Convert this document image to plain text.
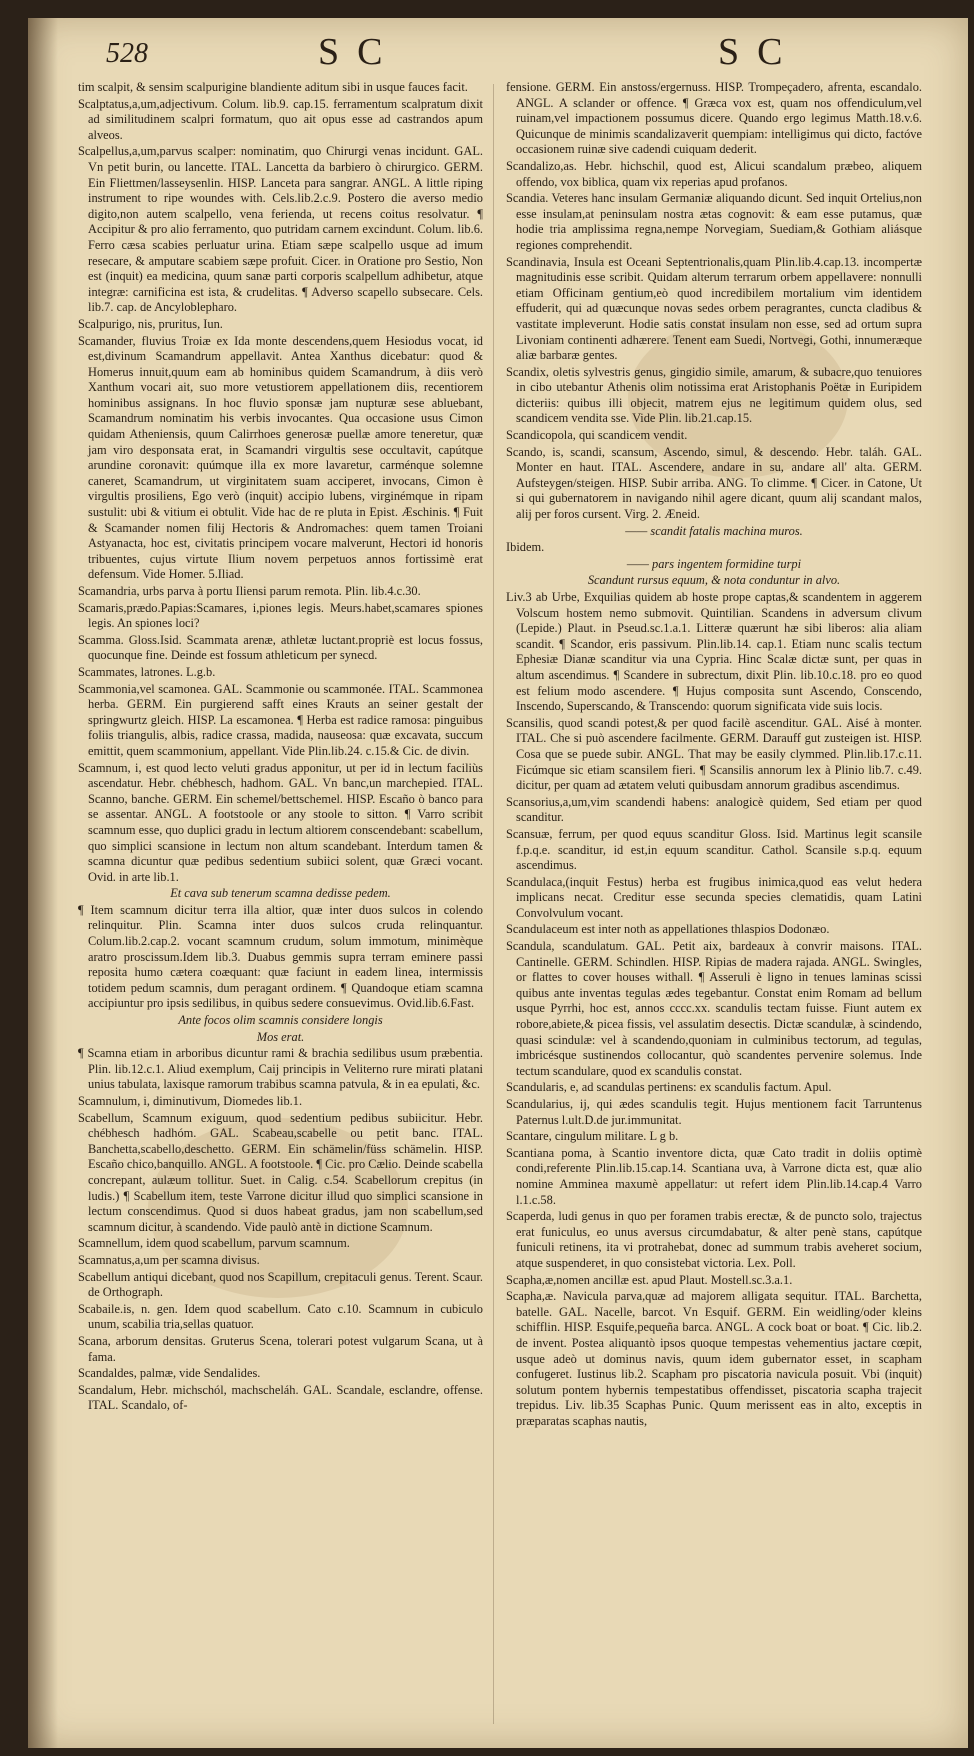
528	SC	SC
tim scalpit, & sensim scalpurigine blandiente aditum sibi in usque fauces facit.
Scalptatus,a,um,adjectivum. Colum. lib.9. cap.15. ferramentum scalpratum dixit ad similitudinem scalpri formatum, quo ait opus esse ad castrandos apum alveos.
Scalpellus,a,um,parvus scalper: nominatim, quo Chirurgi venas incidunt. GAL. Vn petit burin, ou lancette. ITAL. Lancetta da barbiero ò chirurgico. GERM. Ein Fliettmen/lasseysenlin. HISP. Lanceta para sangrar. ANGL. A little riping instrument to ripe woundes with. Cels.lib.2.c.9. Postero die averso medio digito,non autem scalpello, vena ferienda, ut recens coitus resolvatur. ¶ Accipitur & pro alio ferramento, quo putridam carnem excindunt. Colum. lib.6. Ferro cæsa scabies perluatur urina. Etiam sæpe scalpello usque ad imum resecare, & amputare scabiem sæpe profuit. Cicer. in Oratione pro Sestio, Non est (inquit) ea medicina, quum sanæ parti corporis scalpellum adhibetur, atque integræ: carnificina est ista, & crudelitas. ¶ Adverso scapello subsecare. Cels. lib.7. cap. de Ancyloblepharo.
Scalpurigo, nis, pruritus, Iun.
Scamander, fluvius Troiæ ex Ida monte descendens,quem Hesiodus vocat, id est,divinum Scamandrum appellavit. Antea Xanthus dicebatur: quod & Homerus innuit,quum eam ab hominibus quidem Scamandrum, à diis verò Xanthum vocari ait, suo more vetustiorem appellationem diis, recentiorem hominibus assignans. In hoc fluvio sponsæ jam nupturæ sese abluebant, Scamandrum nominatim his verbis invocantes. Qua occasione usus Cimon quidam Atheniensis, quum Calirrhoes generosæ puellæ amore teneretur, quæ jam viro desponsata erat, in Scamandri virgultis sese occultavit, capútque arundine coronavit: quúmque illa ex more lavaretur, carménque solemne caneret, Scamandrum, ut virginitatem suam acciperet, invocans, Cimon è virgultis prosiliens, Ego verò (inquit) accipio lubens, virginémque in ripam sustulit: ubi & vitium ei obtulit. Vide hac de re pluta in Epist. Æschinis. ¶ Fuit & Scamander nomen filij Hectoris & Andromaches: quem tamen Troiani Astyanacta, hoc est, civitatis principem vocare malverunt, Hectori id honoris tribuentes, cujus virtute Ilium novem perpetuos annos fortissimè erat defensum. Vide Homer. 5.Iliad.
Scamandria, urbs parva à portu Iliensi parum remota. Plin. lib.4.c.30.
Scamaris,prædo.Papias:Scamares, i,piones legis. Meurs.habet,scamares spiones legis. An spiones loci?
Scamma. Gloss.Isid. Scammata arenæ, athletæ luctant.propriè est locus fossus, quocunque fine. Deinde est fossum athleticum per synecd.
Scammates, latrones. L.g.b.
Scammonia,vel scamonea. GAL. Scammonie ou scammonée. ITAL. Scammonea herba. GERM. Ein purgierend safft eines Krauts an seiner gestalt der springwurtz gleich. HISP. La escamonea. ¶ Herba est radice ramosa: pinguibus foliis triangulis, albis, radice crassa, madida, nauseosa: quæ excavata, succum emittit, quem scammonium, appellant. Vide Plin.lib.24. c.15.& Cic. de divin.
Scamnum, i, est quod lecto veluti gradus apponitur, ut per id in lectum faciliùs ascendatur. Hebr. chébhesch, hadhom. GAL. Vn banc,un marchepied. ITAL. Scanno, banche. GERM. Ein schemel/bettschemel. HISP. Escaño ò banco para se assentar. ANGL. A footstoole or any stoole to sitton. ¶ Varro scribit scamnum esse, quo duplici gradu in lectum altiorem conscendebant: scabellum, quo simplici scansione in lectum non altum scandebant. Interdum tamen & scamna dicuntur quæ pedibus sedentium subiici solent, quæ Græci vocant. Ovid. in arte lib.1.
Et cava sub tenerum scamna dedisse pedem.
¶ Item scamnum dicitur terra illa altior, quæ inter duos sulcos in colendo relinquitur. Plin. Scamna inter duos sulcos cruda relinquantur. Colum.lib.2.cap.2. vocant scamnum crudum, solum immotum, minimèque aratro proscissum.Idem lib.3. Duabus gemmis supra terram eminere passi reposita humo cætera coæquant: quæ faciunt in eadem linea, intermissis totidem pedum scamnis, dum peragant ordinem. ¶ Quandoque etiam scamna accipiuntur pro ipsis sedilibus, in quibus sedere consuevimus. Ovid.lib.6.Fast.
Ante focos olim scamnis considere longis
Mos erat.
¶ Scamna etiam in arboribus dicuntur rami & brachia sedilibus usum præbentia. Plin. lib.12.c.1. Aliud exemplum, Caij principis in Veliterno rure mirati platani unius tabulata, laxisque ramorum trabibus scamna patvula, & in ea epulati, &c.
Scamnulum, i, diminutivum, Diomedes lib.1.
Scabellum, Scamnum exiguum, quod sedentium pedibus subiicitur. Hebr. chébhesch hadhóm. GAL. Scabeau,scabelle ou petit banc. ITAL. Banchetta,scabello,deschetto. GERM. Ein schämelin/füss schämelin. HISP. Escaño chico,banquillo. ANGL. A footstoole. ¶ Cic. pro Cælio. Deinde scabella concrepant, aulæum tollitur. Suet. in Calig. c.54. Scabellorum crepitus (in ludis.) ¶ Scabellum item, teste Varrone dicitur illud quo simplici scansione in lectum conscendimus. Quod si duos habeat gradus, jam non scabellum,sed scamnum dicitur, à scandendo. Vide paulò antè in dictione Scamnum.
Scamnellum, idem quod scabellum, parvum scamnum.
Scamnatus,a,um per scamna divisus.
Scabellum antiqui dicebant, quod nos Scapillum, crepitaculi genus. Terent. Scaur. de Orthograph.
Scabaile.is, n. gen. Idem quod scabellum. Cato c.10. Scamnum in cubiculo unum, scabilia tria,sellas quatuor.
Scana, arborum densitas. Gruterus Scena, tolerari potest vulgarum Scana, ut à fama.
Scandaldes, palmæ, vide Sendalides.
Scandalum, Hebr. michschól, machscheláh. GAL. Scandale, esclandre, offense. ITAL. Scandalo, of-
fensione. GERM. Ein anstoss/ergernuss. HISP. Trompeçadero, afrenta, escandalo. ANGL. A sclander or offence. ¶ Græca vox est, quam nos offendiculum,vel ruinam,vel impactionem possumus dicere. Quando ergo legimus Matth.18.v.6. Quicunque de minimis scandalizaverit quempiam: intelligimus qui dicto, factóve occasionem ruinæ sive cadendi cuiquam dederit.
Scandalizo,as. Hebr. hichschil, quod est, Alicui scandalum præbeo, aliquem offendo, vox biblica, quam vix reperias apud profanos.
Scandia. Veteres hanc insulam Germaniæ aliquando dicunt. Sed inquit Ortelius,non esse insulam,at peninsulam nostra ætas cognovit: & eam esse putamus, quæ hodie tria amplissima regna,nempe Norvegiam, Suediam,& Gothiam aliásque regiones comprehendit.
Scandinavia, Insula est Oceani Septentrionalis,quam Plin.lib.4.cap.13. incompertæ magnitudinis esse scribit. Quidam alterum terrarum orbem appellavere: nonnulli etiam Officinam gentium,eò quod incredibilem mortalium vim identidem effuderit, qui ad quæcunque novas sedes orbem peragrantes, cuncta cladibus & vastitate impleverunt. Hodie satis constat insulam non esse, sed ad ortum supra Livoniam continenti adhærere. Tenent eam Suedi, Nortvegi, Gothi, innumeræque aliæ barbaræ gentes.
Scandix, oletis sylvestris genus, gingidio simile, amarum, & subacre,quo tenuiores in cibo utebantur Athenis olim notissima erat Aristophanis Poëtæ in Euripidem dicteriis: quibus illi objecit, matrem ejus ne legitimum quidem olus, sed scandicem vendita sse. Vide Plin. lib.21.cap.15.
Scandicopola, qui scandicem vendit.
Scando, is, scandi, scansum, Ascendo, simul, & descendo. Hebr. taláh. GAL. Monter en haut. ITAL. Ascendere, andare in su, andare all' alta. GERM. Aufsteygen/steigen. HISP. Subir arriba. ANG. To climme. ¶ Cicer. in Catone, Ut si qui gubernatorem in navigando nihil agere dicant, quum alij scandant malos, alij per foros cursent. Virg. 2. Æneid.
—— scandit fatalis machina muros.
Ibidem.
—— pars ingentem formidine turpi
Scandunt rursus equum, & nota conduntur in alvo.
Liv.3 ab Urbe, Exquilias quidem ab hoste prope captas,& scandentem in aggerem Volscum hostem nemo submovit. Quintilian. Scandens in adversum clivum (Lepide.) Plaut. in Pseud.sc.1.a.1. Litteræ quærunt hæ sibi liberos: alia aliam scandit. ¶ Scandor, eris passivum. Plin.lib.14. cap.1. Etiam nunc scalis tectum Ephesiæ Dianæ scanditur via una Cypria. Hinc Scalæ dictæ sunt, per quas in altum ascendimus. ¶ Scandere in subrectum, dixit Plin. lib.10.c.18. pro eo quod est felium modo ascendere. ¶ Hujus composita sunt Ascendo, Conscendo, Inscendo, Superscando, & Transcendo: quorum significata vide suis locis.
Scansilis, quod scandi potest,& per quod facilè ascenditur. GAL. Aisé à monter. ITAL. Che si può ascendere facilmente. GERM. Darauff gut zusteigen ist. HISP. Cosa que se puede subir. ANGL. That may be easily clymmed. Plin.lib.17.c.11. Ficúmque sic etiam scansilem fieri. ¶ Scansilis annorum lex à Plinio lib.7. c.49. dicitur, per quam ad ætatem veluti quibusdam annorum gradibus ascendimus.
Scansorius,a,um,vim scandendi habens: analogicè quidem, Sed etiam per quod scanditur.
Scansuæ, ferrum, per quod equus scanditur Gloss. Isid. Martinus legit scansile f.p.q.e. scanditur, id est,in equum scanditur. Cathol. Scansile s.p.q. equum ascendimus.
Scandulaca,(inquit Festus) herba est frugibus inimica,quod eas velut hedera implicans necat. Creditur esse secunda species clematidis, quam Latini Convolvulum vocant.
Scandulaceum est inter noth as appellationes thlaspios Dodonæo.
Scandula, scandulatum. GAL. Petit aix, bardeaux à convrir maisons. ITAL. Cantinelle. GERM. Schindlen. HISP. Ripias de madera rajada. ANGL. Swingles, or flattes to cover houses withall. ¶ Asseruli è ligno in tenues laminas scissi quibus ante inventas tegulas ædes tegebantur. Constat enim Romam ad bellum usque Pyrrhi, hoc est, annos cccc.xx. scandulis tectam fuisse. Fiunt autem ex robore,abiete,& picea fissis, vel assulatim desectis. Dictæ scandulæ, à scindendo, quasi scindulæ: vel à scandendo,quoniam in culminibus tectorum, ad tegulas, imbricésque sustinendos collocantur, quò scandentes pervenire solemus. Inde tectum scandulare, quod ex scandulis constat.
Scandularis, e, ad scandulas pertinens: ex scandulis factum. Apul.
Scandularius, ij, qui ædes scandulis tegit. Hujus mentionem facit Tarruntenus Paternus l.ult.D.de jur.immunitat.
Scantare, cingulum militare. L g b.
Scantiana poma, à Scantio inventore dicta, quæ Cato tradit in doliis optimè condi,referente Plin.lib.15.cap.14. Scantiana uva, à Varrone dicta est, quæ alio nomine Amminea maxumè appellatur: ut refert idem Plin.lib.14.cap.4 Varro l.1.c.58.
Scaperda, ludi genus in quo per foramen trabis erectæ, & de puncto solo, trajectus erat funiculus, eo unus aversus circumdabatur, & alter penè stans, capútque funiculi retinens, ita vi protrahebat, donec ad summum trabis aveheret socium, atque suspenderet, in quo consistebat victoria. Lex. Poll.
Scapha,æ,nomen ancillæ est. apud Plaut. Mostell.sc.3.a.1.
Scapha,æ. Navicula parva,quæ ad majorem alligata sequitur. ITAL. Barchetta, batelle. GAL. Nacelle, barcot. Vn Esquif. GERM. Ein weidling/oder kleins schifflin. HISP. Esquife,pequeña barca. ANGL. A cock boat or boat. ¶ Cic. lib.2. de invent. Postea aliquantò ipsos quoque tempestas vehementius jactare cœpit, usque adeò ut dominus navis, quum idem gubernator esset, in scapham confugeret. Iustinus lib.2. Scapham pro piscatoria navicula posuit. Vbi (inquit) solutum pontem hybernis tempestatibus offendisset, piscatoria scapha trajecit trepidus. Liv. lib.35 Scaphas Punic. Quum merissent eas in alto, exceptis in præparatas scaphas nautis,
